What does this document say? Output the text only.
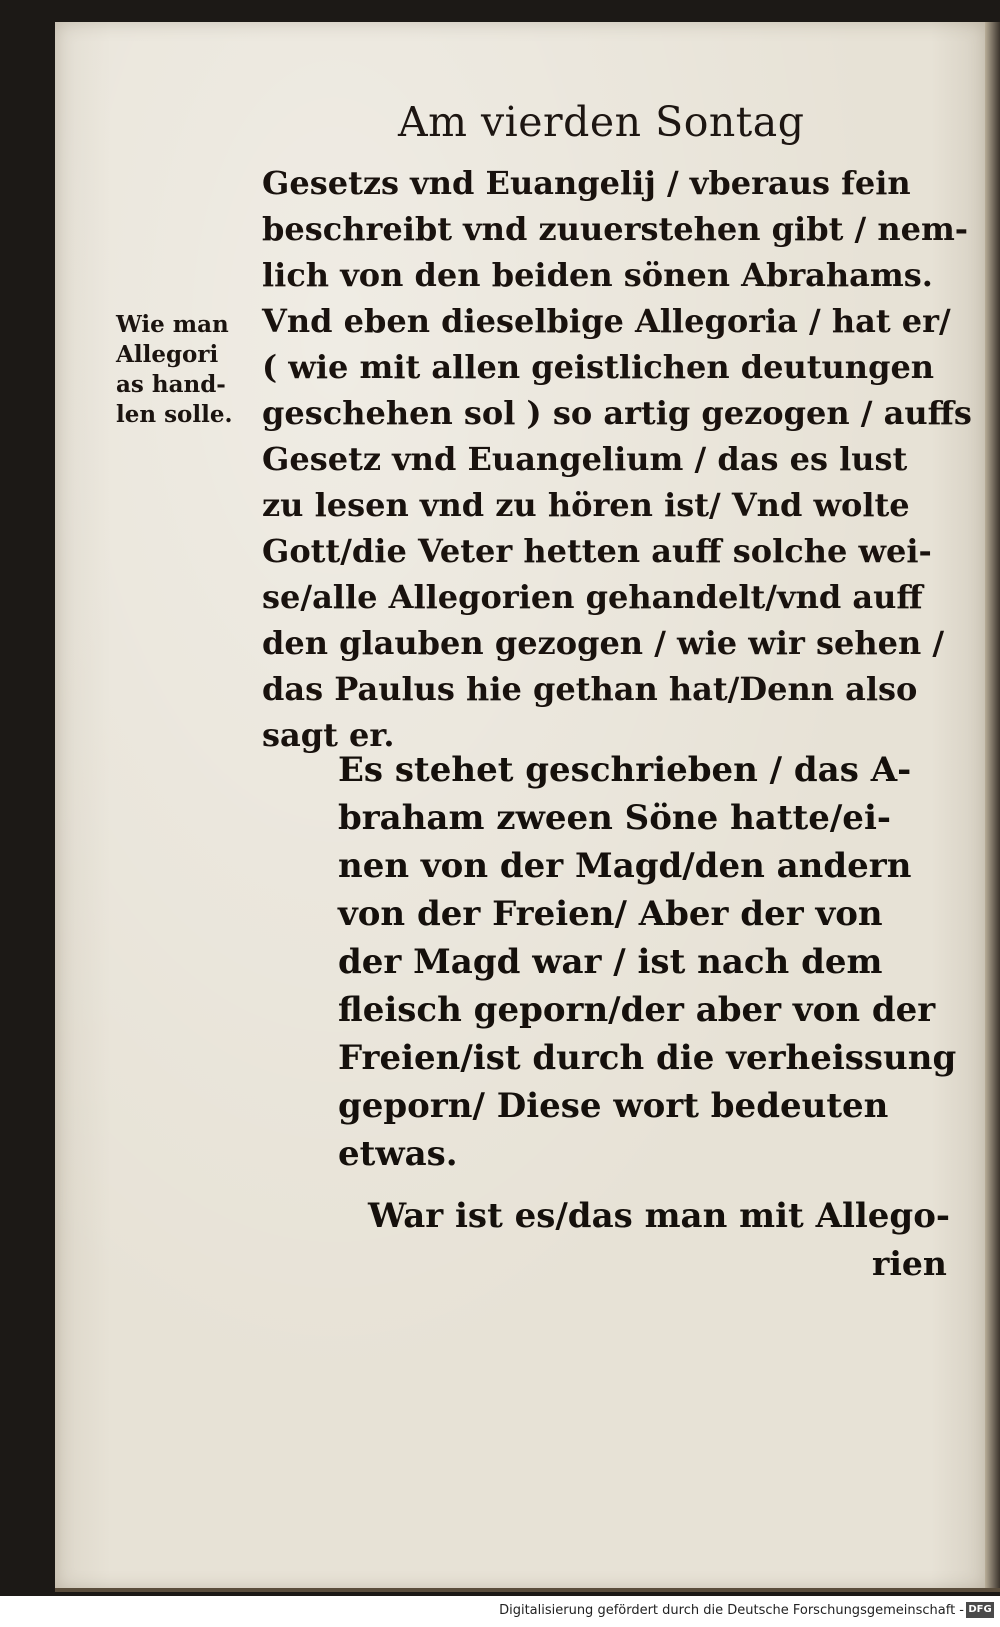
Am vierden Sontag
Wie man
Allegori
as hand-
len solle.
Gesetzs vnd Euangelij / vberaus fein
beschreibt vnd zuuerstehen gibt / nem-
lich von den beiden sönen Abrahams.
Vnd eben dieselbige Allegoria / hat er/
( wie mit allen geistlichen deutungen
geschehen sol ) so artig gezogen / auffs
Gesetz vnd Euangelium / das es lust
zu lesen vnd zu hören ist/ Vnd wolte
Gott/die Veter hetten auff solche wei-
se/alle Allegorien gehandelt/vnd auff
den glauben gezogen / wie wir sehen /
das Paulus hie gethan hat/Denn also
sagt er.
Es stehet geschrieben / das A-
braham zween Söne hatte/ei-
nen von der Magd/den andern
von der Freien/ Aber der von
der Magd war / ist nach dem
fleisch geporn/der aber von der
Freien/ist durch die verheissung
geporn/ Diese wort bedeuten
etwas.
War ist es/das man mit Allego-
rien
Digitalisierung gefördert durch die Deutsche Forschungsgemeinschaft - DFG
